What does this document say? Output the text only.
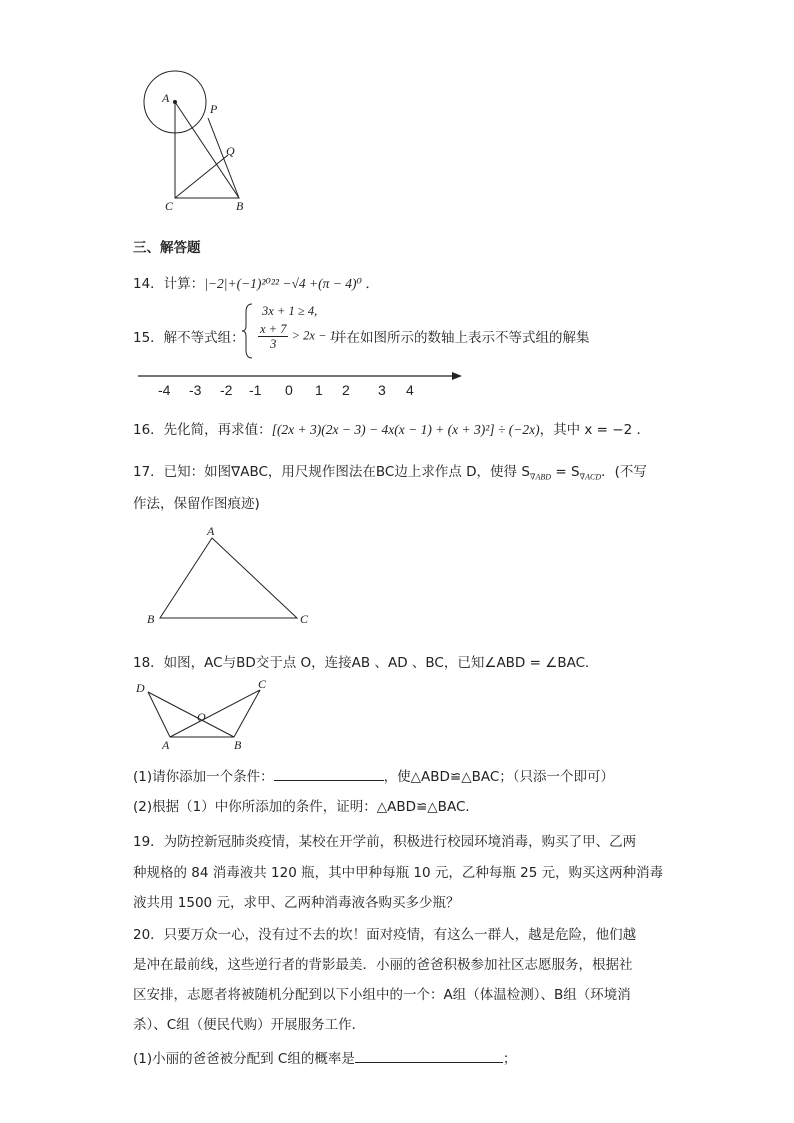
A
P
Q
C	B
三、解答题
14．计算：|−2|+(−1)²⁰²² −√4 +(π − 4)⁰ ．
15．解不等式组：
3x + 1 ≥ 4,
$\frac{x + 7}{3} > 2x - 1$,
并在如图所示的数轴上表示不等式组的解集
-4 -3 -2 -1 0 1 2 3 4
16．先化简，再求值：[(2x + 3)(2x − 3) − 4x(x − 1) + (x + 3)²] ÷ (−2x)，其中 x = −2 ．
17．已知：如图∇ABC，用尺规作图法在BC边上求作点 D，使得 $S_{\nabla ABD} = S_{\nabla ACD}$．(不写
作法，保留作图痕迹)
A
B	C
18．如图，AC与BD交于点 O，连接AB 、AD 、BC，已知∠ABD = ∠BAC．
D	C
O
A	B
(1)请你添加一个条件：	，使△ABD≌△BAC；（只添一个即可）
(2)根据（1）中你所添加的条件，证明：△ABD≌△BAC．
19．为防控新冠肺炎疫情，某校在开学前，积极进行校园环境消毒，购买了甲、乙两
种规格的 84 消毒液共 120 瓶，其中甲种每瓶 10 元，乙种每瓶 25 元，购买这两种消毒
液共用 1500 元，求甲、乙两种消毒液各购买多少瓶？
20．只要万众一心，没有过不去的坎！面对疫情，有这么一群人，越是危险，他们越
是冲在最前线，这些逆行者的背影最美．小丽的爸爸积极参加社区志愿服务，根据社
区安排，志愿者将被随机分配到以下小组中的一个：A组（体温检测）、B组（环境消
杀）、C组（便民代购）开展服务工作．
(1)小丽的爸爸被分配到 C组的概率是	；
